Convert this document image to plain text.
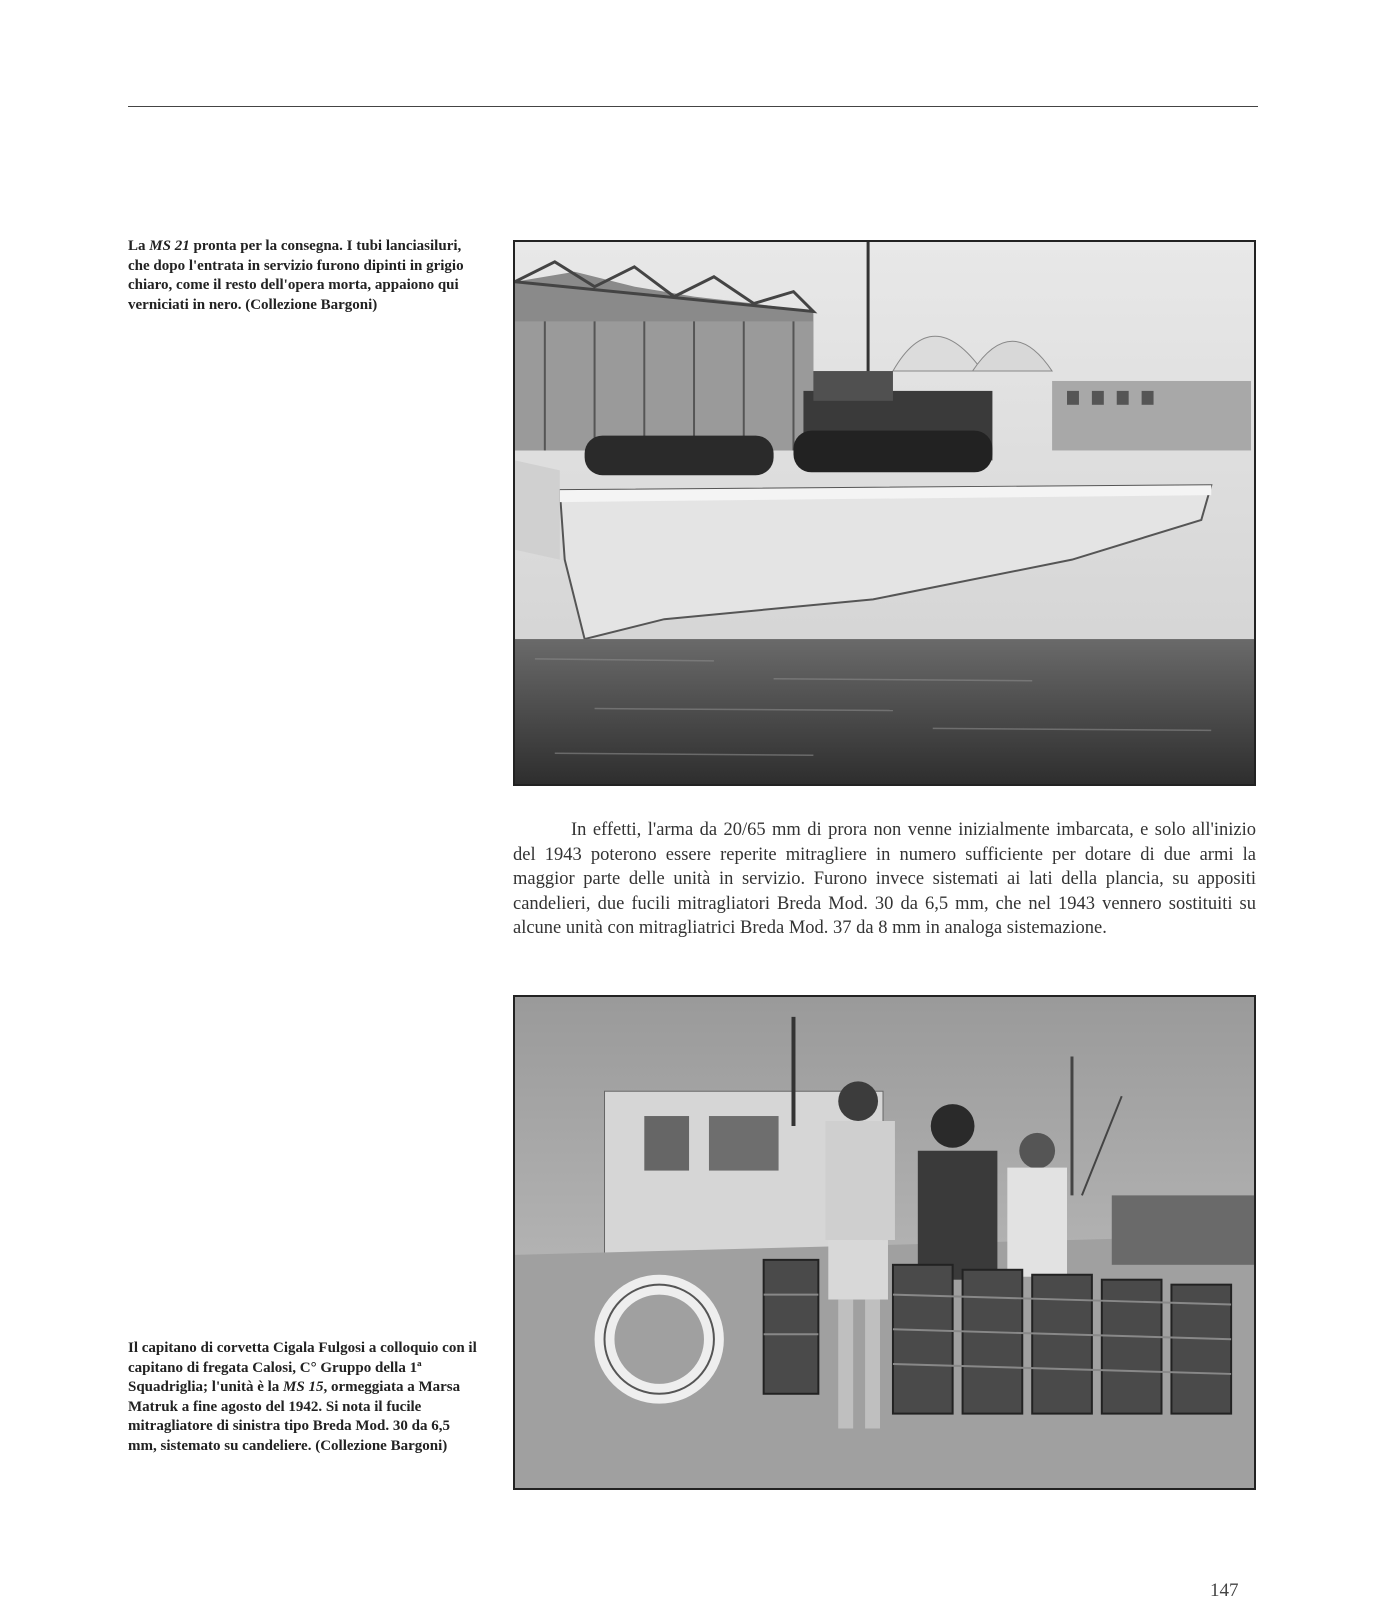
La MS 21 pronta per la consegna. I tubi lanciasiluri, che dopo l'entrata in servizio furono dipinti in grigio chiaro, come il resto dell'opera morta, appaiono qui verniciati in nero. (Collezione Bargoni)
In effetti, l'arma da 20/65 mm di prora non venne inizialmente imbarcata, e solo all'inizio del 1943 poterono essere reperite mitragliere in numero sufficiente per dotare di due armi la maggior parte delle unità in servizio. Furono invece sistemati ai lati della plancia, su appositi candelieri, due fucili mitragliatori Breda Mod. 30 da 6,5 mm, che nel 1943 vennero sostituiti su alcune unità con mitragliatrici Breda Mod. 37 da 8 mm in analoga sistemazione.
Il capitano di corvetta Cigala Fulgosi a colloquio con il capitano di fregata Calosi, C° Gruppo della 1ª Squadriglia; l'unità è la MS 15, ormeggiata a Marsa Matruk a fine agosto del 1942. Si nota il fucile mitragliatore di sinistra tipo Breda Mod. 30 da 6,5 mm, sistemato su candeliere. (Collezione Bargoni)
147
